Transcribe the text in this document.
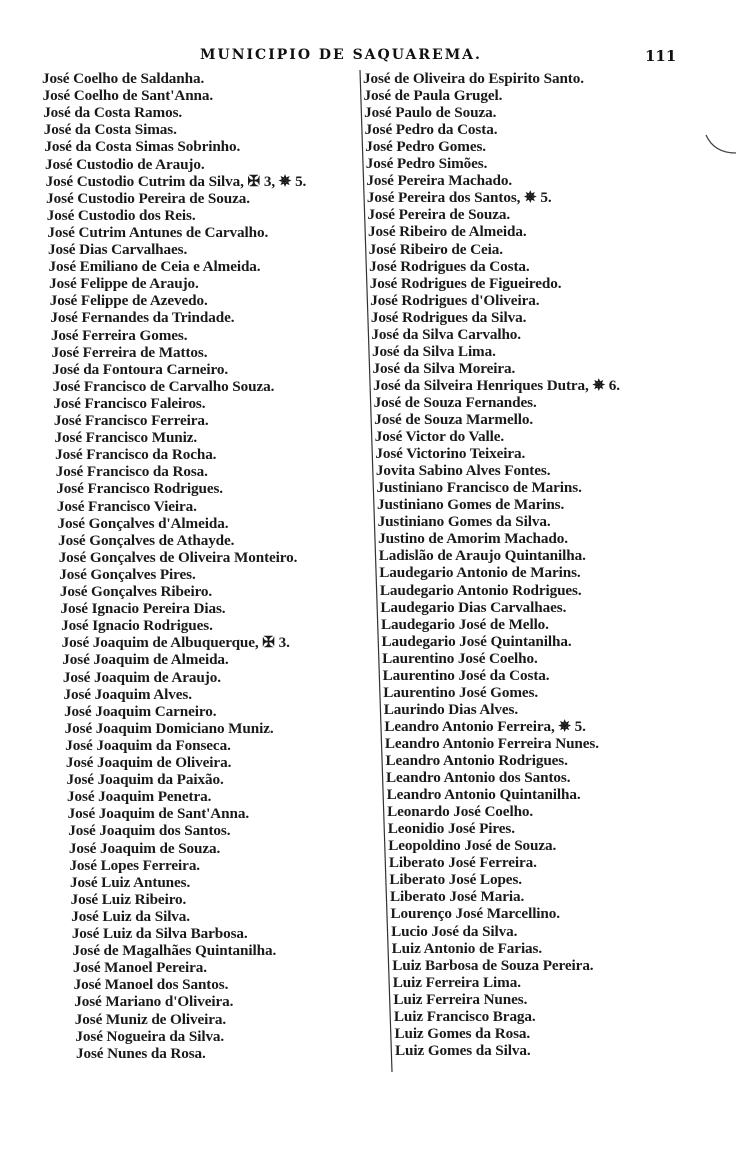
MUNICIPIO DE SAQUAREMA.	111
José Coelho de Saldanha.
José Coelho de Sant'Anna.
José da Costa Ramos.
José da Costa Simas.
José da Costa Simas Sobrinho.
José Custodio de Araujo.
José Custodio Cutrim da Silva, ✠ 3, ✵ 5.
José Custodio Pereira de Souza.
José Custodio dos Reis.
José Cutrim Antunes de Carvalho.
José Dias Carvalhaes.
José Emiliano de Ceia e Almeida.
José Felippe de Araujo.
José Felippe de Azevedo.
José Fernandes da Trindade.
José Ferreira Gomes.
José Ferreira de Mattos.
José da Fontoura Carneiro.
José Francisco de Carvalho Souza.
José Francisco Faleiros.
José Francisco Ferreira.
José Francisco Muniz.
José Francisco da Rocha.
José Francisco da Rosa.
José Francisco Rodrigues.
José Francisco Vieira.
José Gonçalves d'Almeida.
José Gonçalves de Athayde.
José Gonçalves de Oliveira Monteiro.
José Gonçalves Pires.
José Gonçalves Ribeiro.
José Ignacio Pereira Dias.
José Ignacio Rodrigues.
José Joaquim de Albuquerque, ✠ 3.
José Joaquim de Almeida.
José Joaquim de Araujo.
José Joaquim Alves.
José Joaquim Carneiro.
José Joaquim Domiciano Muniz.
José Joaquim da Fonseca.
José Joaquim de Oliveira.
José Joaquim da Paixão.
José Joaquim Penetra.
José Joaquim de Sant'Anna.
José Joaquim dos Santos.
José Joaquim de Souza.
José Lopes Ferreira.
José Luiz Antunes.
José Luiz Ribeiro.
José Luiz da Silva.
José Luiz da Silva Barbosa.
José de Magalhães Quintanilha.
José Manoel Pereira.
José Manoel dos Santos.
José Mariano d'Oliveira.
José Muniz de Oliveira.
José Nogueira da Silva.
José Nunes da Rosa.
José de Oliveira do Espirito Santo.
José de Paula Grugel.
José Paulo de Souza.
José Pedro da Costa.
José Pedro Gomes.
José Pedro Simões.
José Pereira Machado.
José Pereira dos Santos, ✵ 5.
José Pereira de Souza.
José Ribeiro de Almeida.
José Ribeiro de Ceia.
José Rodrigues da Costa.
José Rodrigues de Figueiredo.
José Rodrigues d'Oliveira.
José Rodrigues da Silva.
José da Silva Carvalho.
José da Silva Lima.
José da Silva Moreira.
José da Silveira Henriques Dutra, ✵ 6.
José de Souza Fernandes.
José de Souza Marmello.
José Victor do Valle.
José Victorino Teixeira.
Jovita Sabino Alves Fontes.
Justiniano Francisco de Marins.
Justiniano Gomes de Marins.
Justiniano Gomes da Silva.
Justino de Amorim Machado.
Ladislão de Araujo Quintanilha.
Laudegario Antonio de Marins.
Laudegario Antonio Rodrigues.
Laudegario Dias Carvalhaes.
Laudegario José de Mello.
Laudegario José Quintanilha.
Laurentino José Coelho.
Laurentino José da Costa.
Laurentino José Gomes.
Laurindo Dias Alves.
Leandro Antonio Ferreira, ✵ 5.
Leandro Antonio Ferreira Nunes.
Leandro Antonio Rodrigues.
Leandro Antonio dos Santos.
Leandro Antonio Quintanilha.
Leonardo José Coelho.
Leonidio José Pires.
Leopoldino José de Souza.
Liberato José Ferreira.
Liberato José Lopes.
Liberato José Maria.
Lourenço José Marcellino.
Lucio José da Silva.
Luiz Antonio de Farias.
Luiz Barbosa de Souza Pereira.
Luiz Ferreira Lima.
Luiz Ferreira Nunes.
Luiz Francisco Braga.
Luiz Gomes da Rosa.
Luiz Gomes da Silva.
